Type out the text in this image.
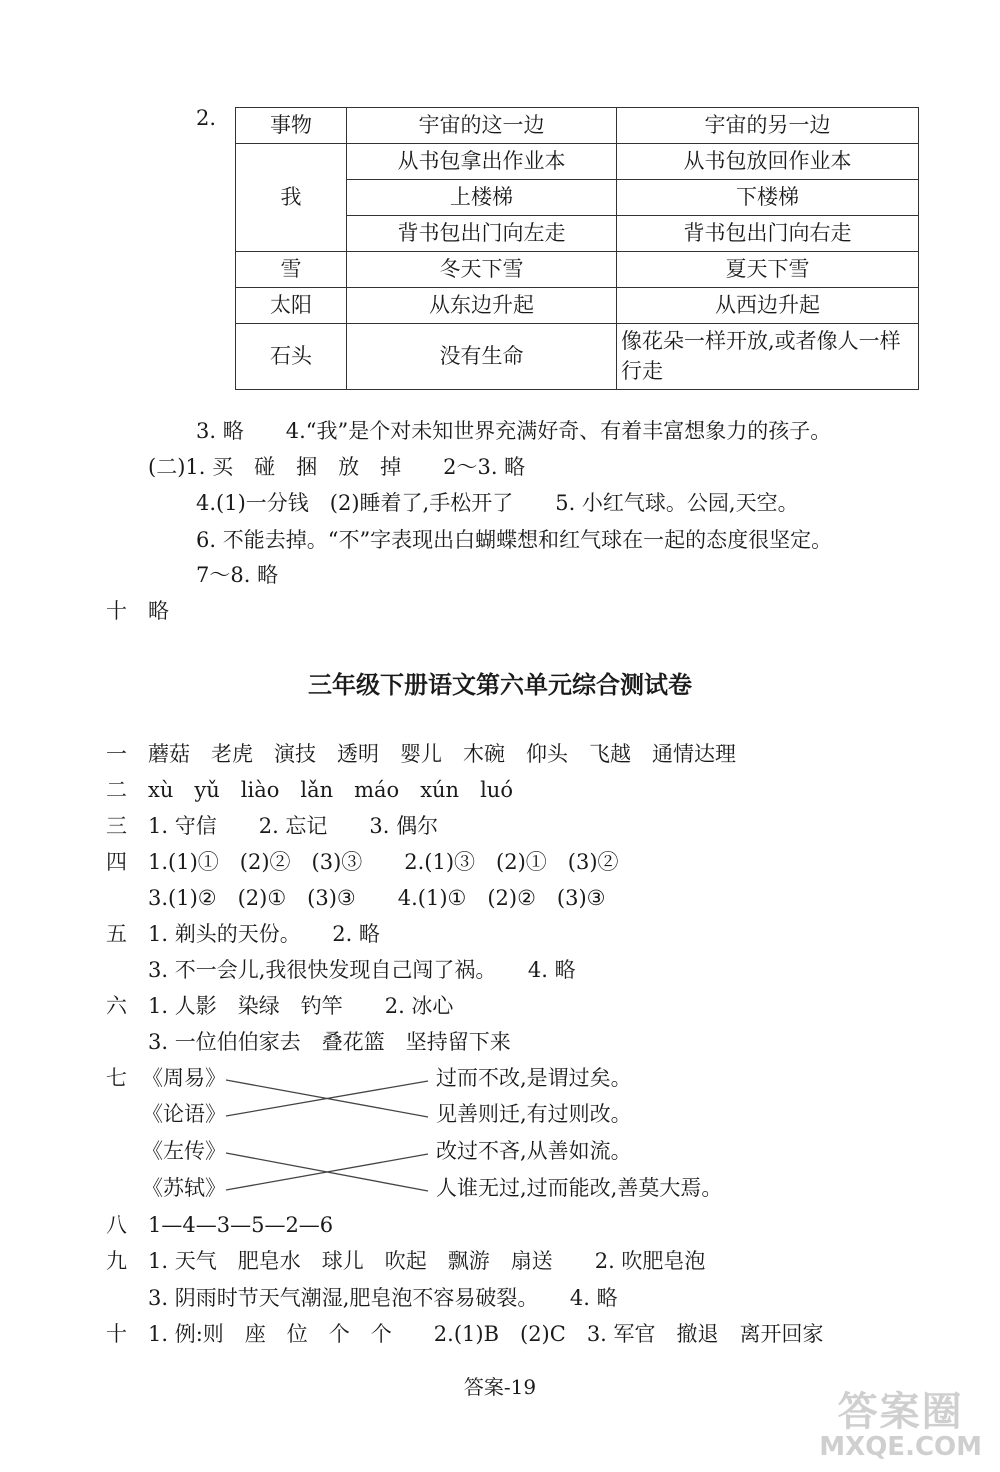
2.	事物	宇宙的这一边	宇宙的另一边
我	从书包拿出作业本	从书包放回作业本
	上楼梯	下楼梯
	背书包出门向左走	背书包出门向右走
雪	冬天下雪	夏天下雪
太阳	从东边升起	从西边升起
石头	没有生命	像花朵一样开放,或者像人一样行走
3. 略　　4.“我”是个对未知世界充满好奇、有着丰富想象力的孩子。
(二)1. 买　碰　捆　放　掉　　2～3. 略
4.(1)一分钱　(2)睡着了,手松开了　　5. 小红气球。公园,天空。
6. 不能去掉。“不”字表现出白蝴蝶想和红气球在一起的态度很坚定。
7～8. 略
十　略
三年级下册语文第六单元综合测试卷
一　蘑菇　老虎　演技　透明　婴儿　木碗　仰头　飞越　通情达理
二　xù　yǔ　liào　lǎn　máo　xún　luó
三　1. 守信　　2. 忘记　　3. 偶尔
四　1.(1)①　(2)②　(3)③　　2.(1)③　(2)①　(3)②
3.(1)②　(2)①　(3)③　　4.(1)①　(2)②　(3)③
五　1. 剃头的天份。　　2. 略
3. 不一会儿,我很快发现自己闯了祸。　　4. 略
六　1. 人影　染绿　钓竿　　2. 冰心
3. 一位伯伯家去　叠花篮　坚持留下来
七 《周易》
《论语》
《左传》
《苏轼》
过而不改,是谓过矣。
见善则迁,有过则改。
改过不吝,从善如流。
人谁无过,过而能改,善莫大焉。
八　1—4—3—5—2—6
九　1. 天气　肥皂水　球儿　吹起　飘游　扇送　　2. 吹肥皂泡
3. 阴雨时节天气潮湿,肥皂泡不容易破裂。　　4. 略
十　1. 例:则　座　位　个　个　　2.(1)B　(2)C　3. 军官　撤退　离开回家
答案-19
答案圈
MXQE.COM
